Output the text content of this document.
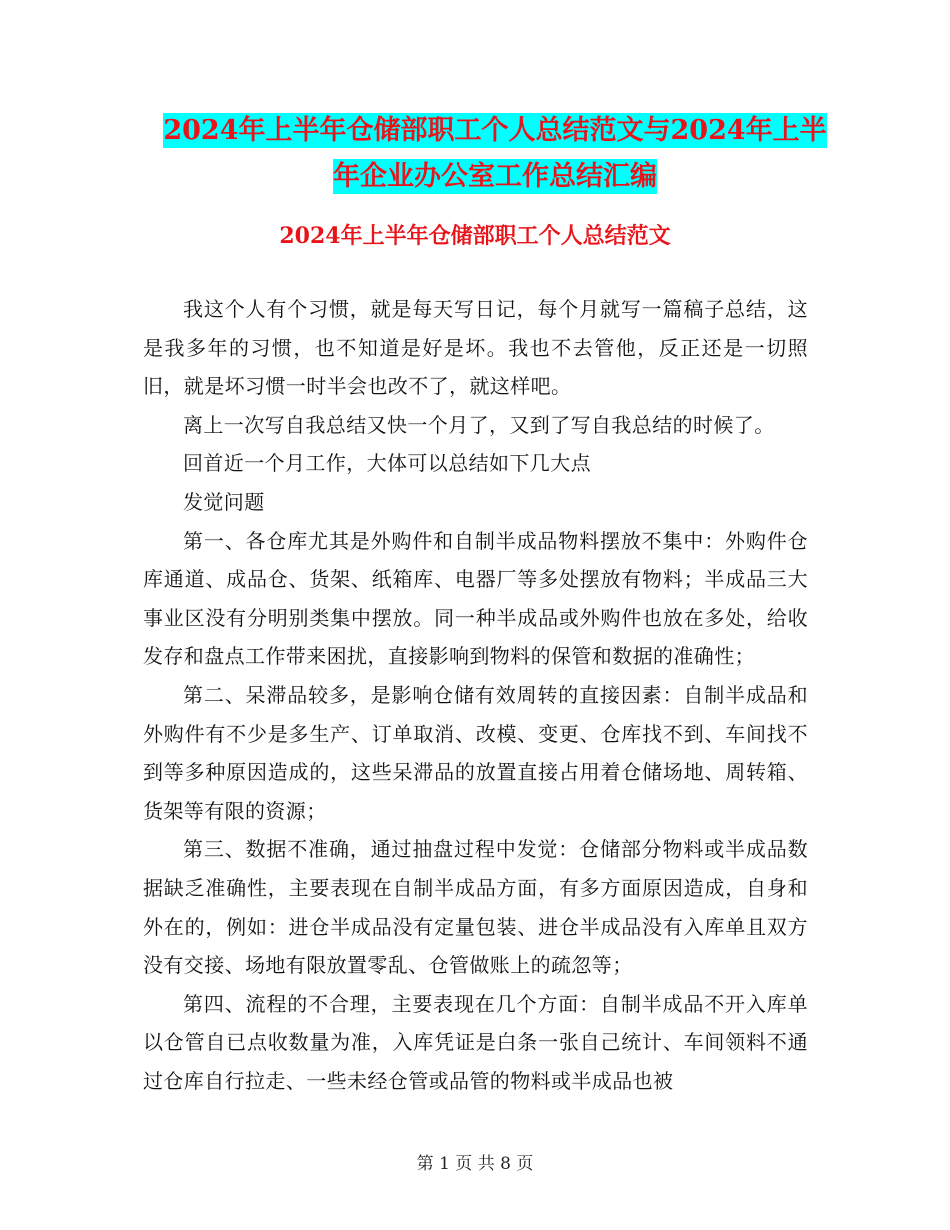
2024年上半年仓储部职工个人总结范文与2024年上半
年企业办公室工作总结汇编
2024年上半年仓储部职工个人总结范文

我这个人有个习惯，就是每天写日记，每个月就写一篇稿子总结，这是我多年的习惯，也不知道是好是坏。我也不去管他，反正还是一切照旧，就是坏习惯一时半会也改不了，就这样吧。

离上一次写自我总结又快一个月了，又到了写自我总结的时候了。

回首近一个月工作，大体可以总结如下几大点

发觉问题

第一、各仓库尤其是外购件和自制半成品物料摆放不集中：外购件仓库通道、成品仓、货架、纸箱库、电器厂等多处摆放有物料；半成品三大事业区没有分明别类集中摆放。同一种半成品或外购件也放在多处，给收发存和盘点工作带来困扰，直接影响到物料的保管和数据的准确性；

第二、呆滞品较多，是影响仓储有效周转的直接因素：自制半成品和外购件有不少是多生产、订单取消、改模、变更、仓库找不到、车间找不到等多种原因造成的，这些呆滞品的放置直接占用着仓储场地、周转箱、货架等有限的资源；

第三、数据不准确，通过抽盘过程中发觉：仓储部分物料或半成品数据缺乏准确性，主要表现在自制半成品方面，有多方面原因造成，自身和外在的，例如：进仓半成品没有定量包装、进仓半成品没有入库单且双方没有交接、场地有限放置零乱、仓管做账上的疏忽等；

第四、流程的不合理，主要表现在几个方面：自制半成品不开入库单以仓管自已点收数量为准，入库凭证是白条一张自己统计、车间领料不通过仓库自行拉走、一些未经仓管或品管的物料或半成品也被

第 1 页 共 8 页
